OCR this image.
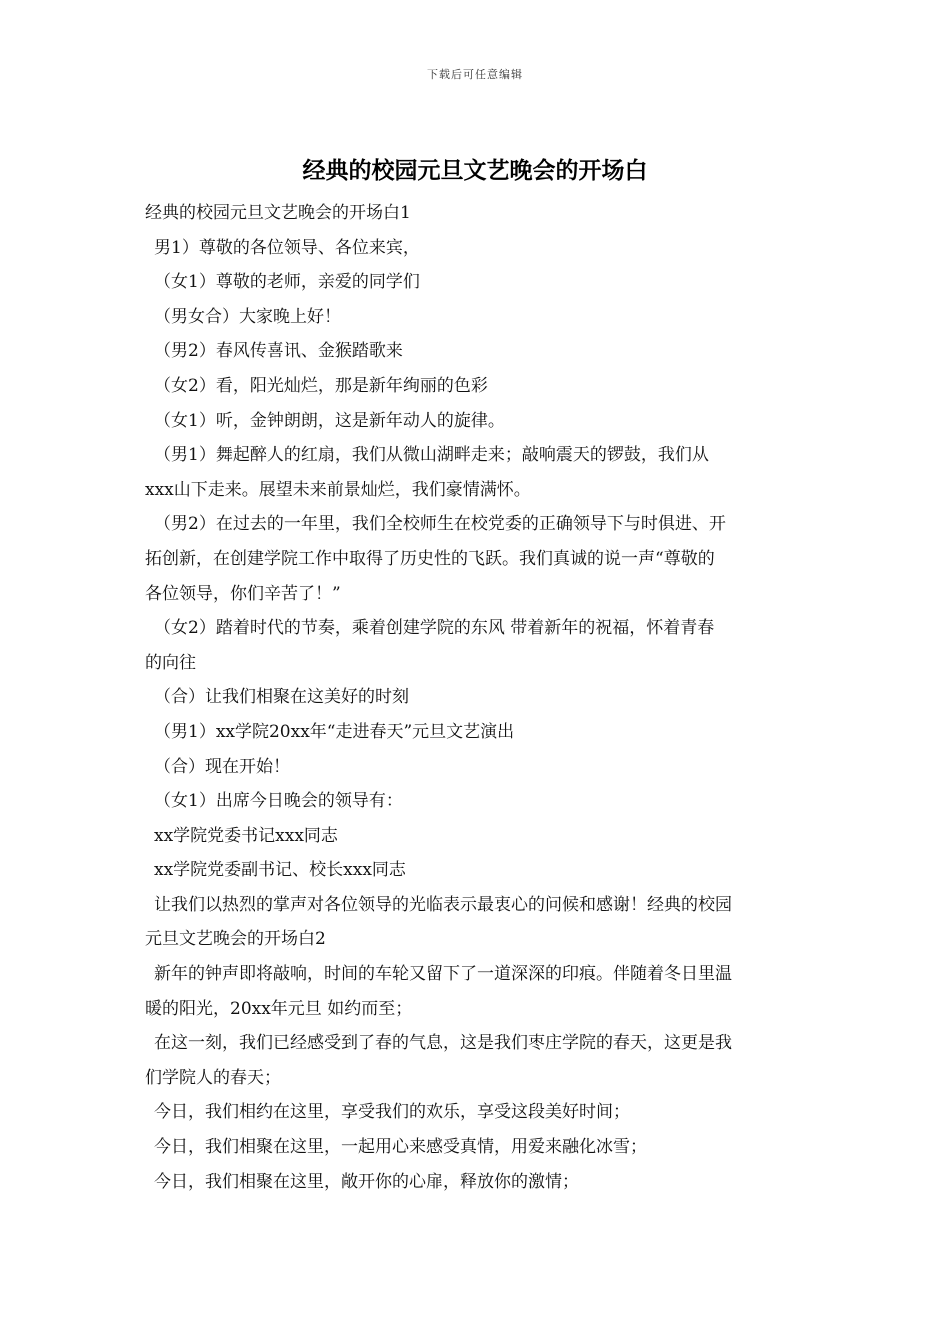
下载后可任意编辑
经典的校园元旦文艺晚会的开场白
经典的校园元旦文艺晚会的开场白1
男1）尊敬的各位领导、各位来宾，
（女1）尊敬的老师，亲爱的同学们
（男女合）大家晚上好！
（男2）春风传喜讯、金猴踏歌来
（女2）看，阳光灿烂，那是新年绚丽的色彩
（女1）听，金钟朗朗，这是新年动人的旋律。
（男1）舞起醉人的红扇，我们从微山湖畔走来；敲响震天的锣鼓，我们从
xxx山下走来。展望未来前景灿烂，我们豪情满怀。
（男2）在过去的一年里，我们全校师生在校党委的正确领导下与时俱进、开
拓创新，在创建学院工作中取得了历史性的飞跃。我们真诚的说一声“尊敬的
各位领导，你们辛苦了！”
（女2）踏着时代的节奏，乘着创建学院的东风 带着新年的祝福，怀着青春
的向往
（合）让我们相聚在这美好的时刻
（男1）xx学院20xx年“走进春天”元旦文艺演出
（合）现在开始！
（女1）出席今日晚会的领导有：
xx学院党委书记xxx同志
xx学院党委副书记、校长xxx同志
让我们以热烈的掌声对各位领导的光临表示最衷心的问候和感谢！经典的校园
元旦文艺晚会的开场白2
新年的钟声即将敲响，时间的车轮又留下了一道深深的印痕。伴随着冬日里温
暖的阳光，20xx年元旦 如约而至；
在这一刻，我们已经感受到了春的气息，这是我们枣庄学院的春天，这更是我
们学院人的春天；
今日，我们相约在这里，享受我们的欢乐，享受这段美好时间；
今日，我们相聚在这里，一起用心来感受真情，用爱来融化冰雪；
今日，我们相聚在这里，敞开你的心扉，释放你的激情；
